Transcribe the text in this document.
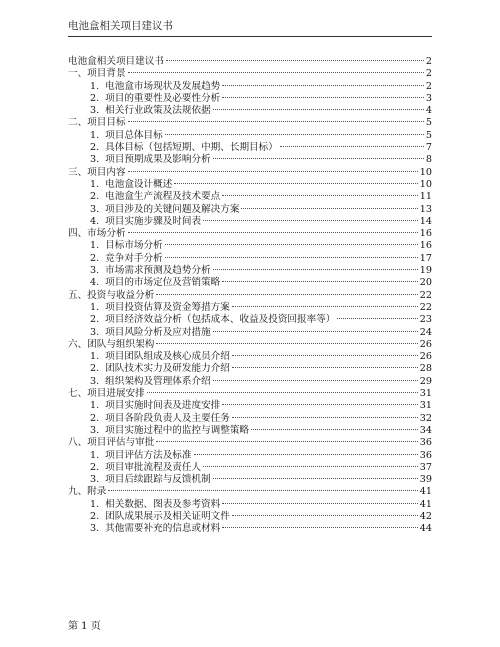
电池盒相关项目建议书
电池盒相关项目建议书	2
一、项目背景	2
1. 电池盒市场现状及发展趋势	2
2. 项目的重要性及必要性分析	3
3. 相关行业政策及法规依据	4
二、项目目标	5
1. 项目总体目标	5
2. 具体目标（包括短期、中期、长期目标）	7
3. 项目预期成果及影响分析	8
三、项目内容	10
1. 电池盒设计概述	10
2. 电池盒生产流程及技术要点	11
3. 项目涉及的关键问题及解决方案	13
4. 项目实施步骤及时间表	14
四、市场分析	16
1. 目标市场分析	16
2. 竞争对手分析	17
3. 市场需求预测及趋势分析	19
4. 项目的市场定位及营销策略	20
五、投资与收益分析	22
1. 项目投资估算及资金筹措方案	22
2. 项目经济效益分析（包括成本、收益及投资回报率等）	23
3. 项目风险分析及应对措施	24
六、团队与组织架构	26
1. 项目团队组成及核心成员介绍	26
2. 团队技术实力及研发能力介绍	28
3. 组织架构及管理体系介绍	29
七、项目进展安排	31
1. 项目实施时间表及进度安排	31
2. 项目各阶段负责人及主要任务	32
3. 项目实施过程中的监控与调整策略	34
八、项目评估与审批	36
1. 项目评估方法及标准	36
2. 项目审批流程及责任人	37
3. 项目后续跟踪与反馈机制	39
九、附录	41
1. 相关数据、图表及参考资料	41
2. 团队成果展示及相关证明文件	42
3. 其他需要补充的信息或材料	44
第 1 页
